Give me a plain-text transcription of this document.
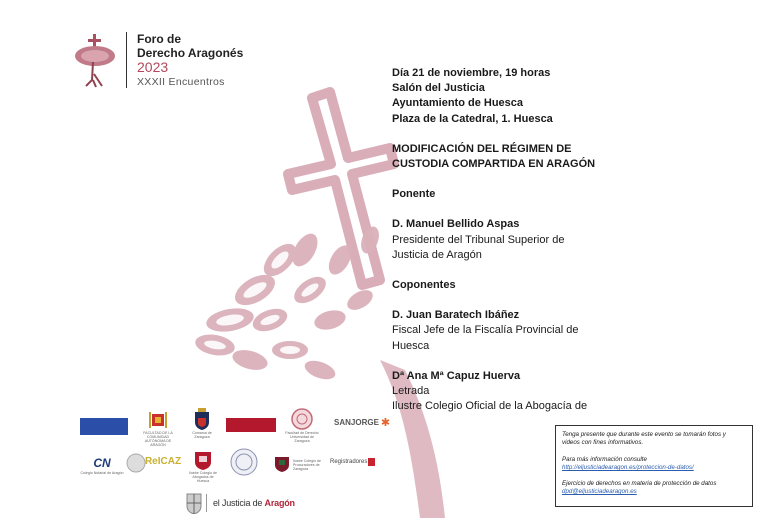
Foro de
Derecho Aragonés
2023
XXXII Encuentros
Día 21 de noviembre, 19 horas
Salón del Justicia
Ayuntamiento de Huesca
Plaza de la Catedral, 1. Huesca
MODIFICACIÓN DEL RÉGIMEN DE
CUSTODIA COMPARTIDA EN ARAGÓN
Ponente
D. Manuel Bellido Aspas
Presidente del Tribunal Superior de
Justicia de Aragón
Coponentes
D. Juan Baratech Ibáñez
Fiscal Jefe de la Fiscalía Provincial de
Huesca
Dª Ana Mª Capuz Huerva
Letrada
Ilustre Colegio Oficial de la Abogacía de
Tenga presente que durante este evento se tomarán fotos y
videos con fines informativos.
Para más información consulte
http://eljusticiadearagon.es/proteccion-de-datos/
Ejercicio de derechos en materia de protección de datos
dpd@eljusticiadearagon.es
FACULTAD DE LA COMUNIDAD AUTÓNOMA DE ARAGÓN
Comarca de Zaragoza
Facultad de Derecho Universidad de Zaragoza
SANJORGE ✱
CN
Colegio Notarial de Aragón
ReICAZ
Ilustre Colegio de Abogados de Huesca
Ilustre Colegio de Procuradores de Zaragoza
Registradores
el Justicia de Aragón
